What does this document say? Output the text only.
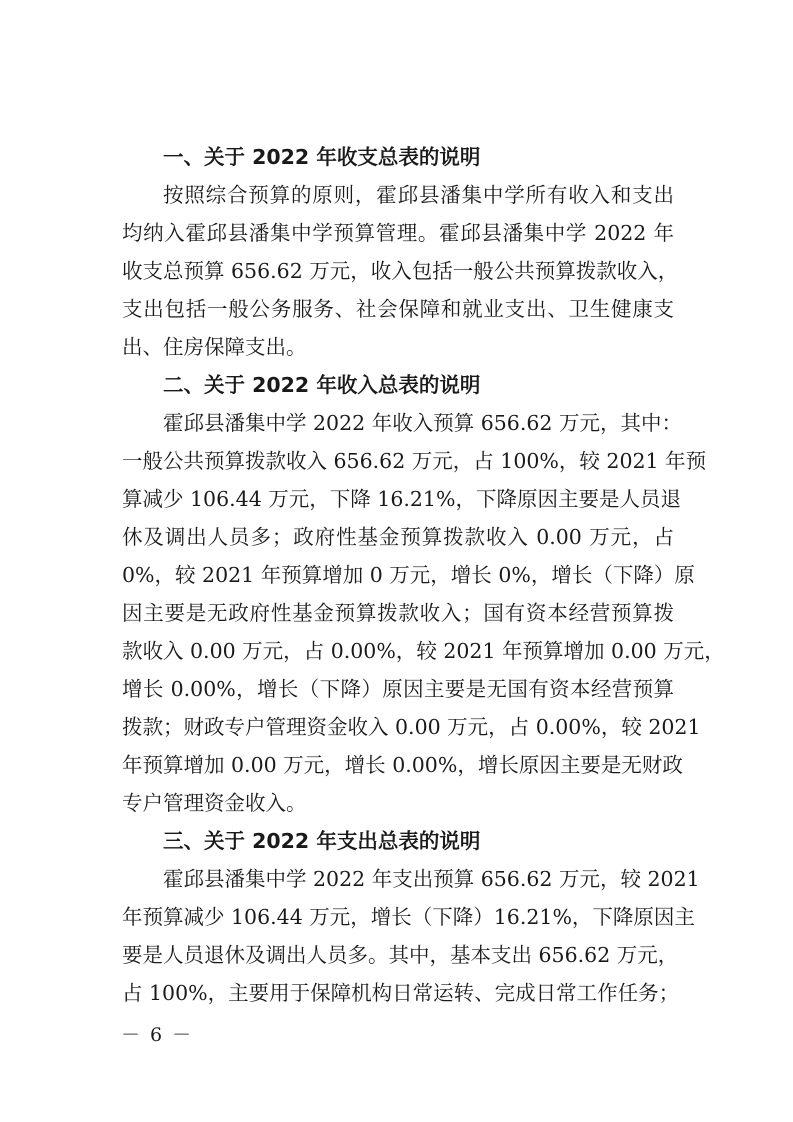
一、关于 2022 年收支总表的说明
按照综合预算的原则，霍邱县潘集中学所有收入和支出
均纳入霍邱县潘集中学预算管理。霍邱县潘集中学 2022 年
收支总预算 656.62 万元，收入包括一般公共预算拨款收入，
支出包括一般公务服务、社会保障和就业支出、卫生健康支
出、住房保障支出。
二、关于 2022 年收入总表的说明
霍邱县潘集中学 2022 年收入预算 656.62 万元，其中：
一般公共预算拨款收入 656.62 万元，占 100%，较 2021 年预
算减少 106.44 万元，下降 16.21%，下降原因主要是人员退
休及调出人员多；政府性基金预算拨款收入 0.00 万元，占
0%，较 2021 年预算增加 0 万元，增长 0%，增长（下降）原
因主要是无政府性基金预算拨款收入；国有资本经营预算拨
款收入 0.00 万元，占 0.00%，较 2021 年预算增加 0.00 万元，
增长 0.00%，增长（下降）原因主要是无国有资本经营预算
拨款；财政专户管理资金收入 0.00 万元，占 0.00%，较 2021
年预算增加 0.00 万元，增长 0.00%，增长原因主要是无财政
专户管理资金收入。
三、关于 2022 年支出总表的说明
霍邱县潘集中学 2022 年支出预算 656.62 万元，较 2021
年预算减少 106.44 万元，增长（下降）16.21%，下降原因主
要是人员退休及调出人员多。其中，基本支出 656.62 万元，
占 100%，主要用于保障机构日常运转、完成日常工作任务；
－ 6 －
